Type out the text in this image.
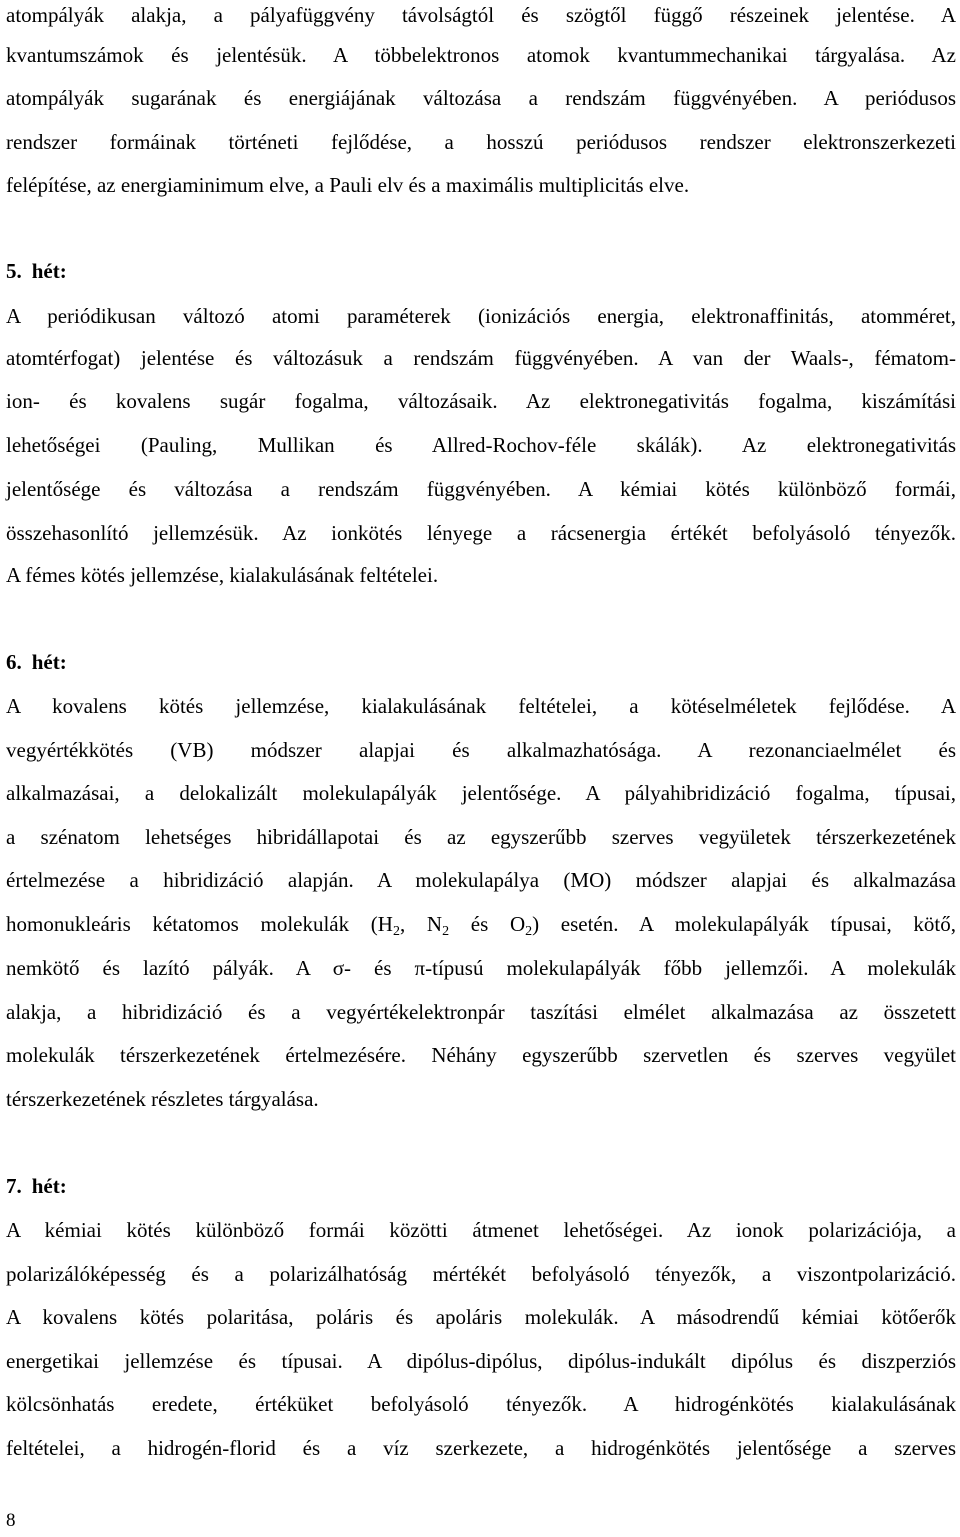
atompályák alakja, a pályafüggvény távolságtól és szögtől függő részeinek jelentése. A
kvantumszámok és jelentésük. A többelektronos atomok kvantummechanikai tárgyalása. Az
atompályák sugarának és energiájának változása a rendszám függvényében. A periódusos
rendszer formáinak történeti fejlődése, a hosszú periódusos rendszer elektronszerkezeti
felépítése, az energiaminimum elve, a Pauli elv és a maximális multiplicitás elve.
5. hét:
A periódikusan változó atomi paraméterek (ionizációs energia, elektronaffinitás, atomméret,
atomtérfogat) jelentése és változásuk a rendszám függvényében. A van der Waals-, fématom-
ion- és kovalens sugár fogalma, változásaik. Az elektronegativitás fogalma, kiszámítási
lehetőségei (Pauling, Mullikan és Allred-Rochov-féle skálák). Az elektronegativitás
jelentősége és változása a rendszám függvényében. A kémiai kötés különböző formái,
összehasonlító jellemzésük. Az ionkötés lényege a rácsenergia értékét befolyásoló tényezők.
A fémes kötés jellemzése, kialakulásának feltételei.
6. hét:
A kovalens kötés jellemzése, kialakulásának feltételei, a kötéselméletek fejlődése. A
vegyértékkötés (VB) módszer alapjai és alkalmazhatósága. A rezonanciaelmélet és
alkalmazásai, a delokalizált molekulapályák jelentősége. A pályahibridizáció fogalma, típusai,
a szénatom lehetséges hibridállapotai és az egyszerűbb szerves vegyületek térszerkezetének
értelmezése a hibridizáció alapján. A molekulapálya (MO) módszer alapjai és alkalmazása
homonukleáris kétatomos molekulák ($H_2$, $N_2$ és $O_2$) esetén. A molekulapályák típusai, kötő,
nemkötő és lazító pályák. A σ- és π-típusú molekulapályák főbb jellemzői. A molekulák
alakja, a hibridizáció és a vegyértékelektronpár taszítási elmélet alkalmazása az összetett
molekulák térszerkezetének értelmezésére. Néhány egyszerűbb szervetlen és szerves vegyület
térszerkezetének részletes tárgyalása.
7. hét:
A kémiai kötés különböző formái közötti átmenet lehetőségei. Az ionok polarizációja, a
polarizálóképesség és a polarizálhatóság mértékét befolyásoló tényezők, a viszontpolarizáció.
A kovalens kötés polaritása, poláris és apoláris molekulák. A másodrendű kémiai kötőerők
energetikai jellemzése és típusai. A dipólus-dipólus, dipólus-indukált dipólus és diszperziós
kölcsönhatás eredete, értéküket befolyásoló tényezők. A hidrogénkötés kialakulásának
feltételei, a hidrogén-florid és a víz szerkezete, a hidrogénkötés jelentősége a szerves
8
